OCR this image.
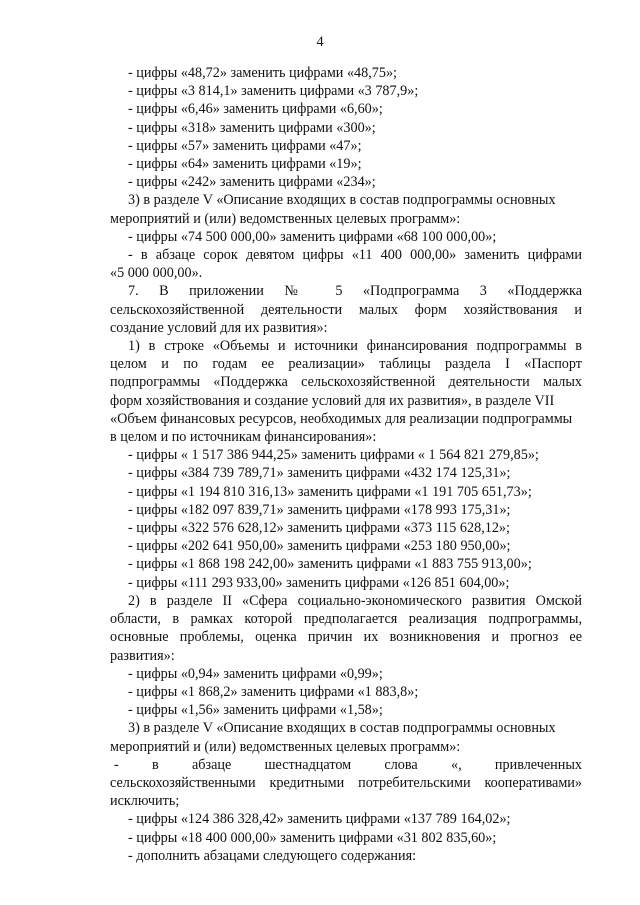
4
- цифры «48,72» заменить цифрами «48,75»;
- цифры «3 814,1» заменить цифрами «3 787,9»;
- цифры «6,46» заменить цифрами «6,60»;
- цифры «318» заменить цифрами «300»;
- цифры «57» заменить цифрами «47»;
- цифры «64» заменить цифрами «19»;
- цифры «242» заменить цифрами «234»;
3) в разделе V «Описание входящих в состав подпрограммы основных
мероприятий и (или) ведомственных целевых программ»:
- цифры «74 500 000,00» заменить цифрами «68 100 000,00»;
- в абзаце сорок девятом цифры «11 400 000,00» заменить цифрами
«5 000 000,00».
7. В приложении № 5 «Подпрограмма 3 «Поддержка
сельскохозяйственной деятельности малых форм хозяйствования и
создание условий для их развития»:
1) в строке «Объемы и источники финансирования подпрограммы в
целом и по годам ее реализации» таблицы раздела I «Паспорт
подпрограммы «Поддержка сельскохозяйственной деятельности малых
форм хозяйствования и создание условий для их развития», в разделе VII
«Объем финансовых ресурсов, необходимых для реализации подпрограммы
в целом и по источникам финансирования»:
- цифры « 1 517 386 944,25» заменить цифрами « 1 564 821 279,85»;
- цифры «384 739 789,71» заменить цифрами «432 174 125,31»;
- цифры «1 194 810 316,13» заменить цифрами «1 191 705 651,73»;
- цифры «182 097 839,71» заменить цифрами «178 993 175,31»;
- цифры «322 576 628,12» заменить цифрами «373 115 628,12»;
- цифры «202 641 950,00» заменить цифрами «253 180 950,00»;
- цифры «1 868 198 242,00» заменить цифрами «1 883 755 913,00»;
- цифры «111 293 933,00» заменить цифрами «126 851 604,00»;
2) в разделе II «Сфера социально-экономического развития Омской
области, в рамках которой предполагается реализация подпрограммы,
основные проблемы, оценка причин их возникновения и прогноз ее
развития»:
- цифры «0,94» заменить цифрами «0,99»;
- цифры «1 868,2» заменить цифрами «1 883,8»;
- цифры «1,56» заменить цифрами «1,58»;
3) в разделе V «Описание входящих в состав подпрограммы основных
мероприятий и (или) ведомственных целевых программ»:
- в абзаце шестнадцатом слова «, привлеченных
сельскохозяйственными кредитными потребительскими кооперативами»
исключить;
- цифры «124 386 328,42» заменить цифрами «137 789 164,02»;
- цифры «18 400 000,00» заменить цифрами «31 802 835,60»;
- дополнить абзацами следующего содержания:
